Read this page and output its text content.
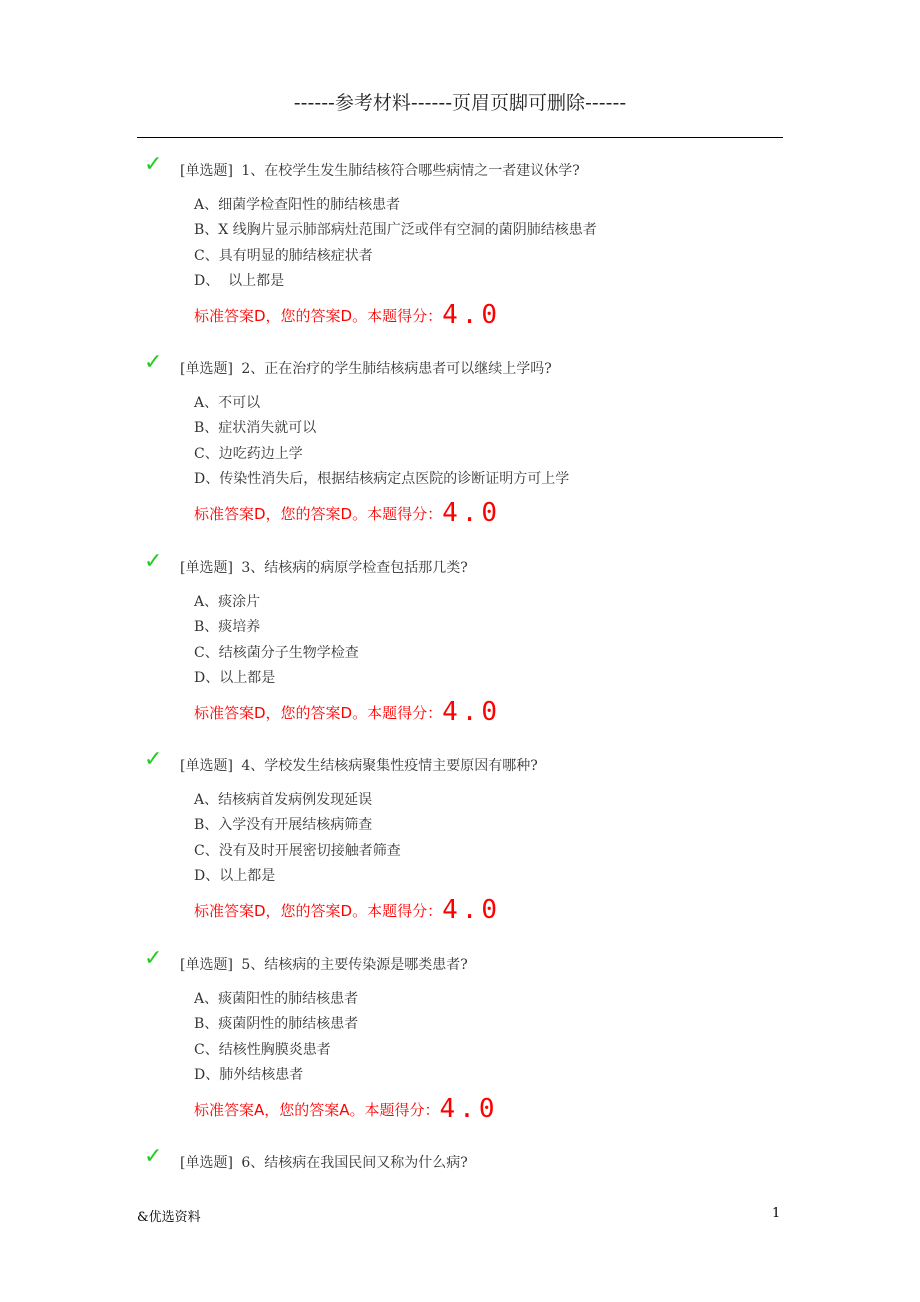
------参考材料------页眉页脚可删除------
✓ [单选题] 1、在校学生发生肺结核符合哪些病情之一者建议休学?
A、细菌学检查阳性的肺结核患者
B、X 线胸片显示肺部病灶范围广泛或伴有空洞的菌阴肺结核患者
C、具有明显的肺结核症状者
D、  以上都是
标准答案D，您的答案D。本题得分：4.0
✓ [单选题] 2、正在治疗的学生肺结核病患者可以继续上学吗?
A、不可以
B、症状消失就可以
C、边吃药边上学
D、传染性消失后，根据结核病定点医院的诊断证明方可上学
标准答案D，您的答案D。本题得分：4.0
✓ [单选题] 3、结核病的病原学检查包括那几类?
A、痰涂片
B、痰培养
C、结核菌分子生物学检查
D、以上都是
标准答案D，您的答案D。本题得分：4.0
✓ [单选题] 4、学校发生结核病聚集性疫情主要原因有哪种?
A、结核病首发病例发现延误
B、入学没有开展结核病筛查
C、没有及时开展密切接触者筛查
D、以上都是
标准答案D，您的答案D。本题得分：4.0
✓ [单选题] 5、结核病的主要传染源是哪类患者?
A、痰菌阳性的肺结核患者
B、痰菌阴性的肺结核患者
C、结核性胸膜炎患者
D、肺外结核患者
标准答案A，您的答案A。本题得分：4.0
✓ [单选题] 6、结核病在我国民间又称为什么病?
&优选资料	1
